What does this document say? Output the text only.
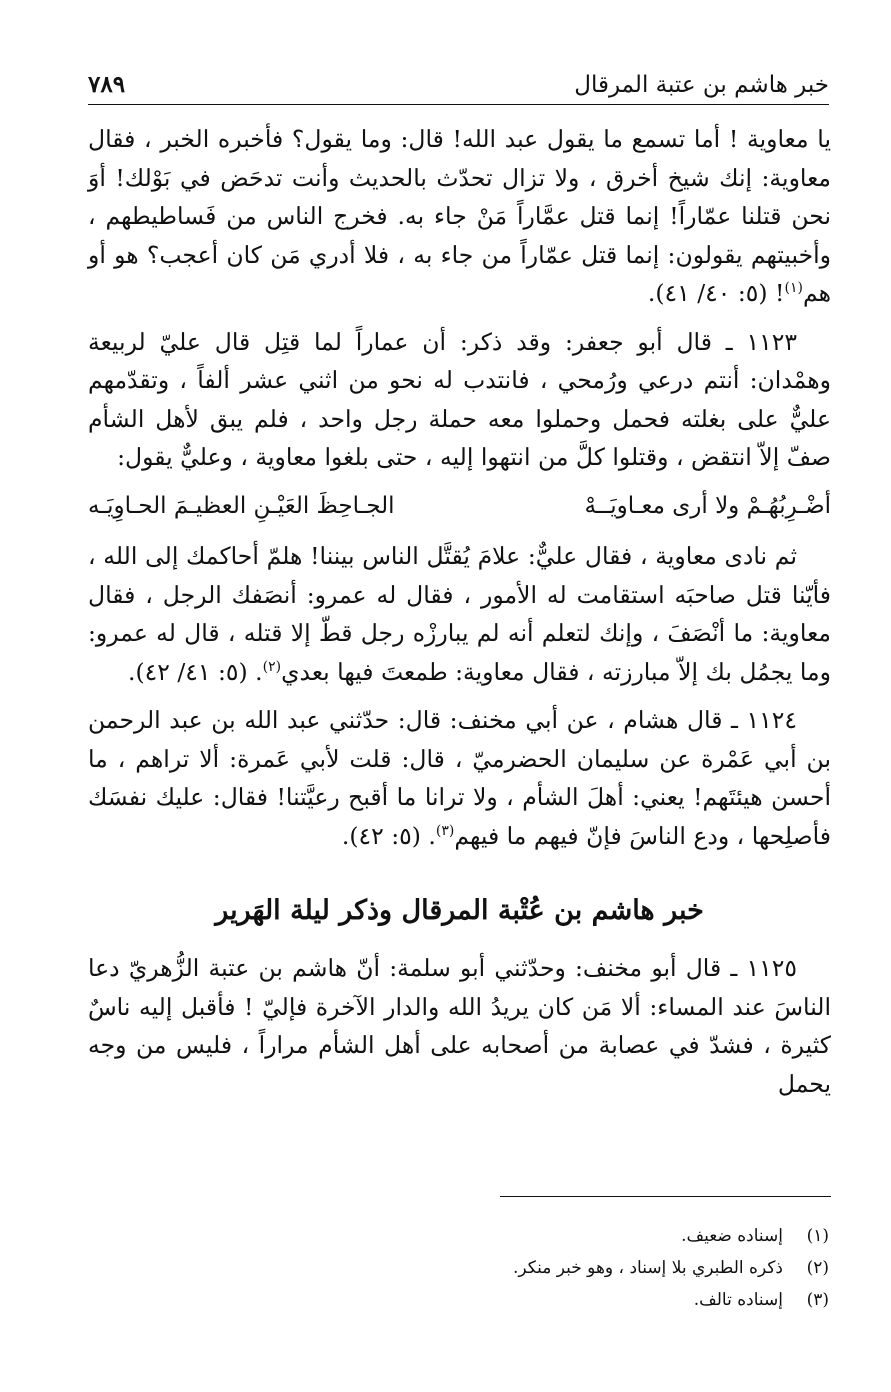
خبر هاشم بن عتبة المرقال
٧٨٩

يا معاوية ! أما تسمع ما يقول عبد الله! قال: وما يقول؟ فأخبره الخبر ، فقال معاوية: إنك شيخ أخرق ، ولا تزال تحدّث بالحديث وأنت تدحَض في بَوْلك! أوَ نحن قتلنا عمّاراً! إنما قتل عمَّاراً مَنْ جاء به. فخرج الناس من فَساطيطهم ، وأخبيتهم يقولون: إنما قتل عمّاراً من جاء به ، فلا أدري مَن كان أعجب؟ هو أو هم$^{(١)}$! (٥: ٤٠/ ٤١).

١١٢٣ ـ قال أبو جعفر: وقد ذكر: أن عماراً لما قتِل قال عليّ لربيعة وهمْدان: أنتم درعي ورُمحي ، فانتدب له نحو من اثني عشر ألفاً ، وتقدّمهم عليٌّ على بغلته فحمل وحملوا معه حملة رجل واحد ، فلم يبق لأهل الشأم صفّ إلاّ انتقض ، وقتلوا كلَّ من انتهوا إليه ، حتى بلغوا معاوية ، وعليٌّ يقول:

أضْـرِبُهُـمْ ولا أرى معـاويَــهْ
الجـاحِظَ العَيْـنِ العظيـمَ الحـاوِيَـه

ثم نادى معاوية ، فقال عليٌّ: علامَ يُقتَّل الناس بيننا! هلمّ أحاكمك إلى الله ، فأيّنا قتل صاحبَه استقامت له الأمور ، فقال له عمرو: أنصَفك الرجل ، فقال معاوية: ما أنْصَفَ ، وإنك لتعلم أنه لم يبارزْه رجل قطّ إلا قتله ، قال له عمرو: وما يجمُل بك إلاّ مبارزته ، فقال معاوية: طمعتَ فيها بعدي$^{(٢)}$. (٥: ٤١/ ٤٢).

١١٢٤ ـ قال هشام ، عن أبي مخنف: قال: حدّثني عبد الله بن عبد الرحمن بن أبي عَمْرة عن سليمان الحضرميّ ، قال: قلت لأبي عَمرة: ألا تراهم ، ما أحسن هيئتَهم! يعني: أهلَ الشأم ، ولا ترانا ما أقبح رعيَّتنا! فقال: عليك نفسَك فأصلِحها ، ودع الناسَ فإنّ فيهم ما فيهم$^{(٣)}$. (٥: ٤٢).

خبر هاشم بن عُتْبة المرقال وذكر ليلة الهَرير

١١٢٥ ـ قال أبو مخنف: وحدّثني أبو سلمة: أنّ هاشم بن عتبة الزُّهريّ دعا الناسَ عند المساء: ألا مَن كان يريدُ الله والدار الآخرة فإليّ ! فأقبل إليه ناسٌ كثيرة ، فشدّ في عصابة من أصحابه على أهل الشأم مراراً ، فليس من وجه يحمل

(١)
إسناده ضعيف.
(٢)
ذكره الطبري بلا إسناد ، وهو خبر منكر.
(٣)
إسناده تالف.
